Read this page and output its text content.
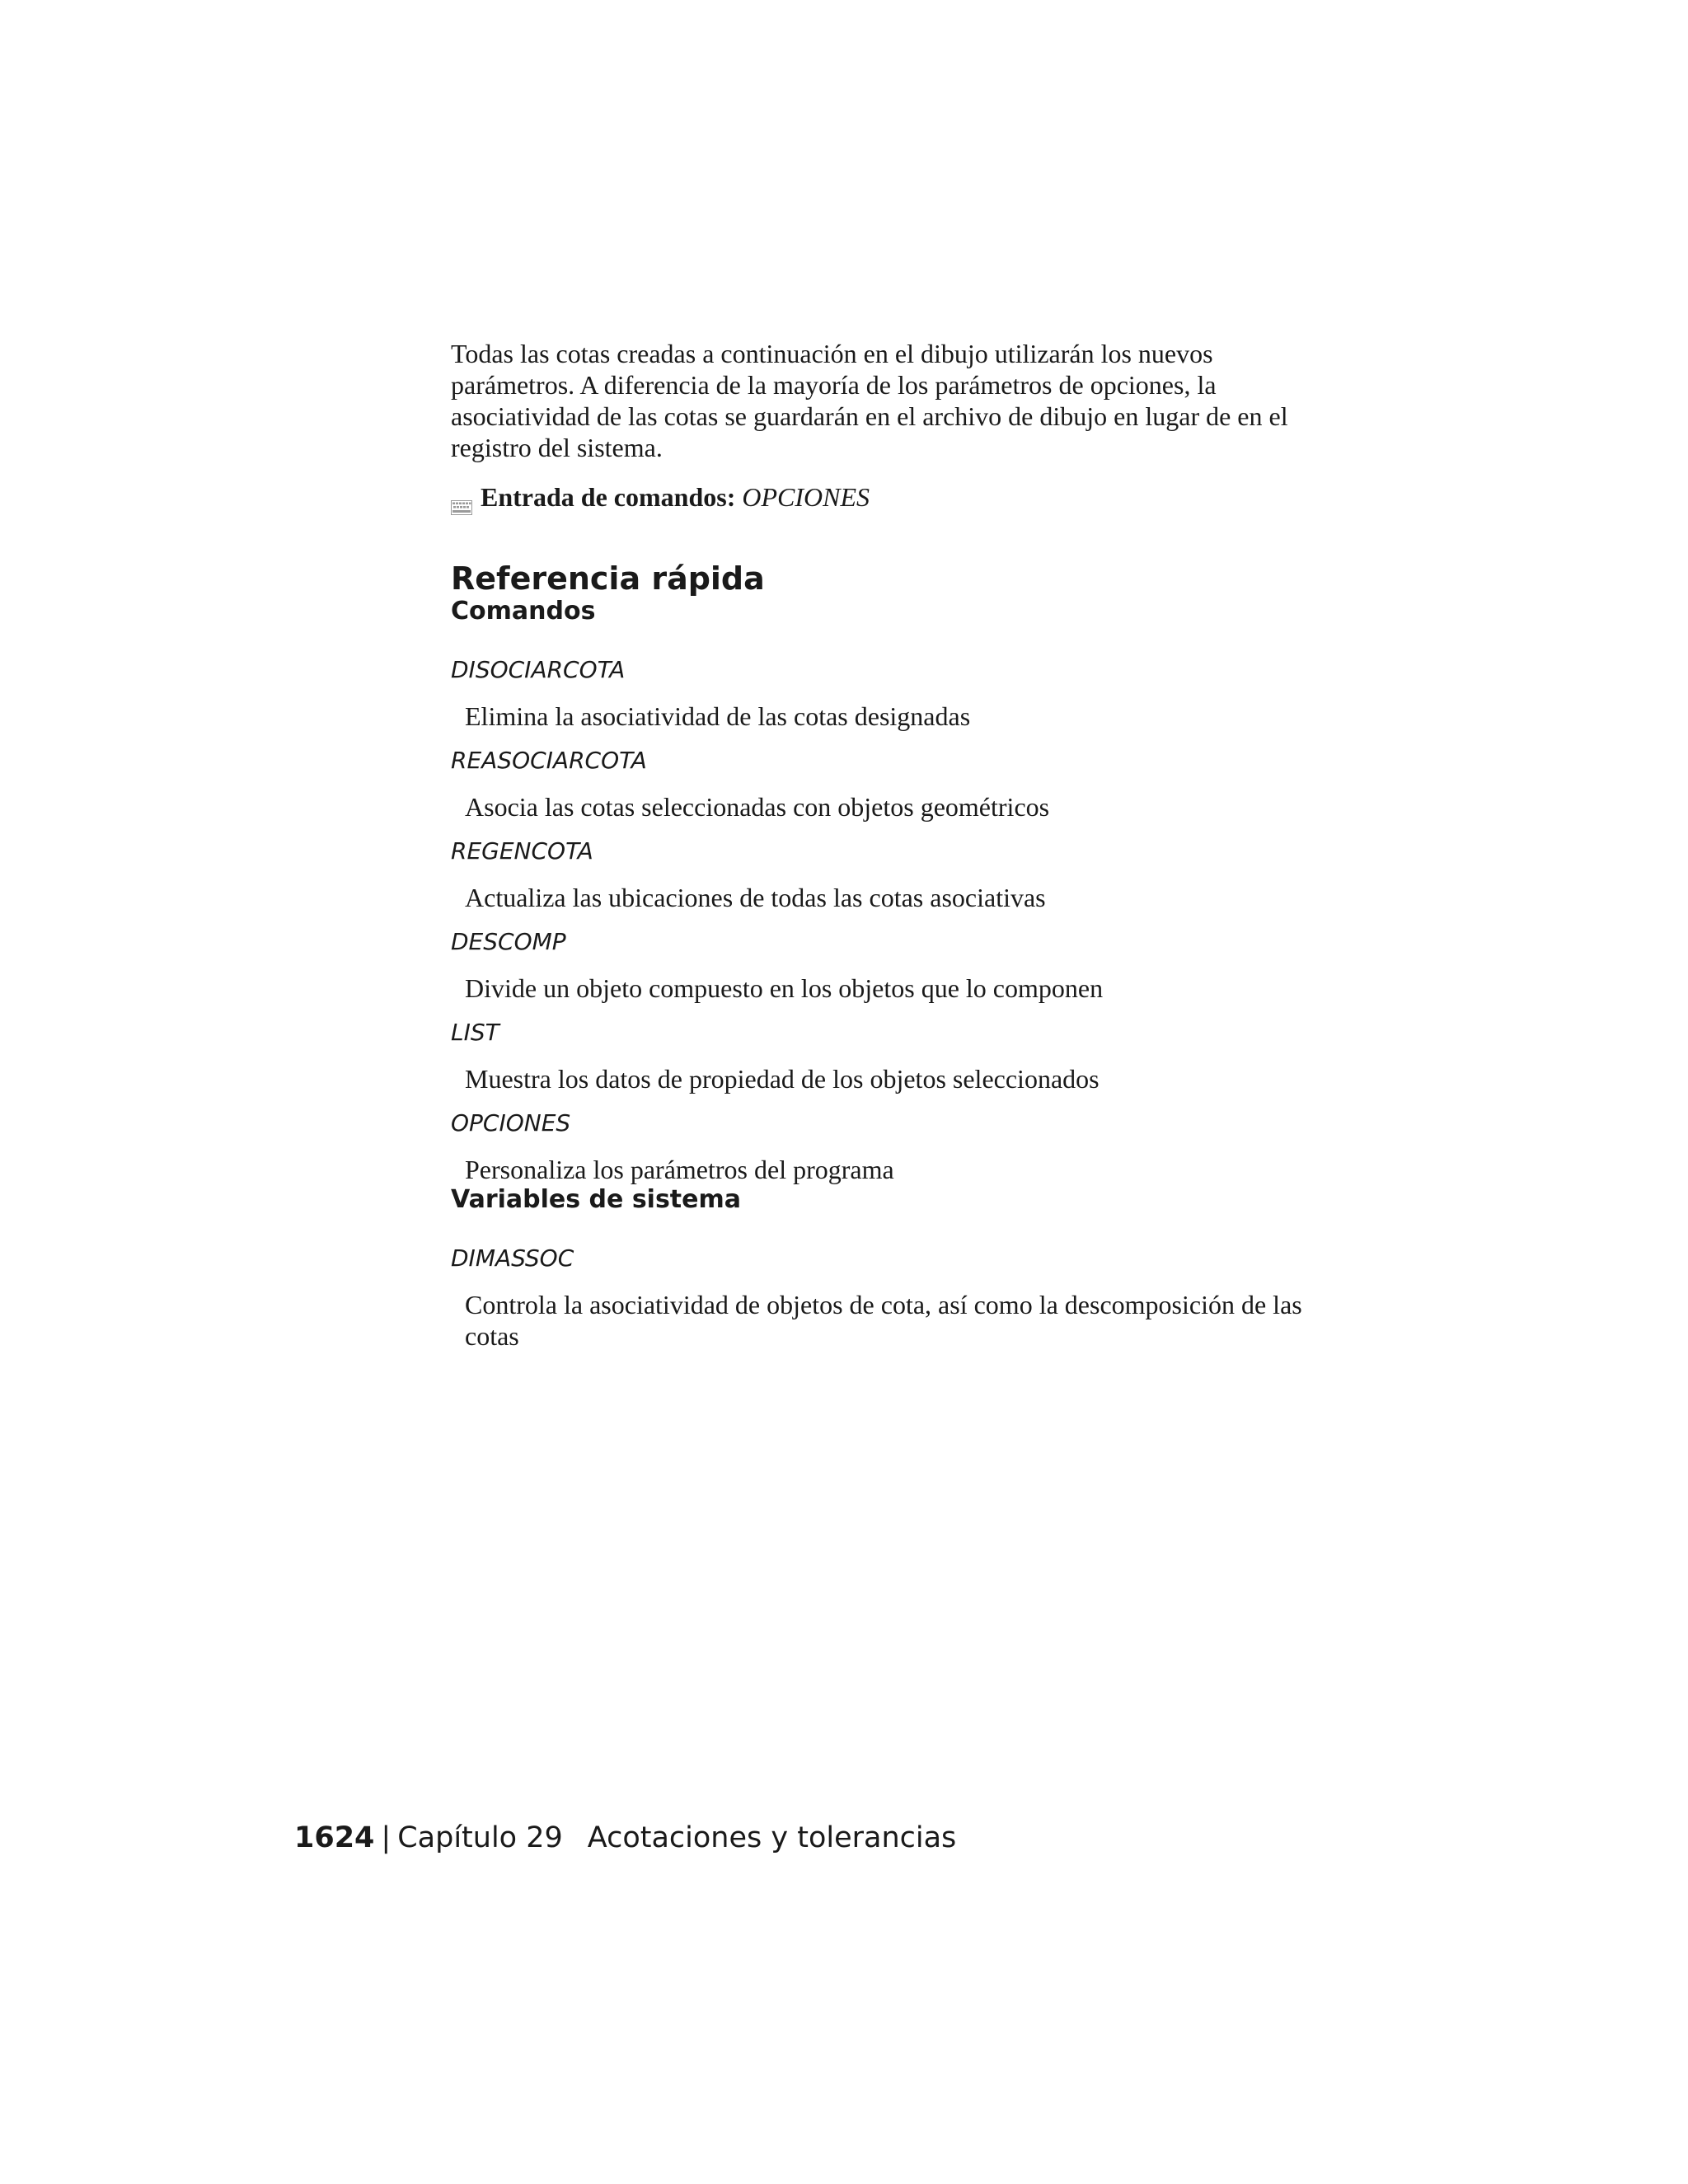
Todas las cotas creadas a continuación en el dibujo utilizarán los nuevos parámetros. A diferencia de la mayoría de los parámetros de opciones, la asociatividad de las cotas se guardarán en el archivo de dibujo en lugar de en el registro del sistema.

Entrada de comandos: OPCIONES
Referencia rápida
Comandos

DISOCIARCOTA

Elimina la asociatividad de las cotas designadas

REASOCIARCOTA

Asocia las cotas seleccionadas con objetos geométricos

REGENCOTA

Actualiza las ubicaciones de todas las cotas asociativas

DESCOMP

Divide un objeto compuesto en los objetos que lo componen

LIST

Muestra los datos de propiedad de los objetos seleccionados

OPCIONES

Personaliza los parámetros del programa

Variables de sistema

DIMASSOC

Controla la asociatividad de objetos de cota, así como la descomposición de las cotas

1624 | Capítulo 29 Acotaciones y tolerancias
